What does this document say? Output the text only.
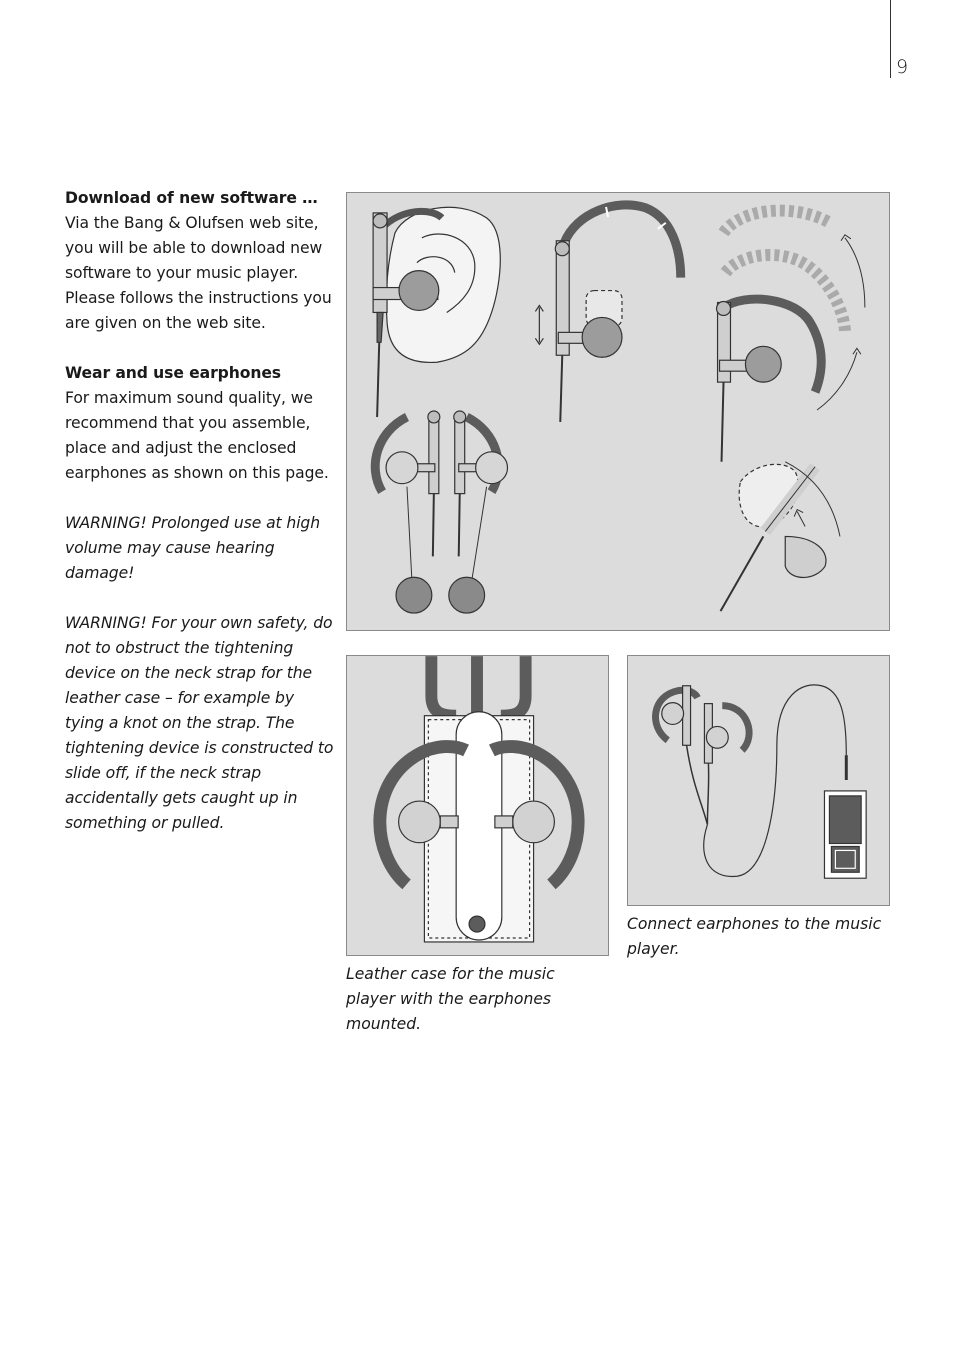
9

Download of new software …
Via the Bang & Olufsen web site, you will be able to download new software to your music player. Please follows the instructions you are given on the web site.

Wear and use earphones
For maximum sound quality, we recommend that you assemble, place and adjust the enclosed earphones as shown on this page.

WARNING! Prolonged use at high volume may cause hearing damage!

WARNING! For your own safety, do not to obstruct the tightening device on the neck strap for the leather case – for example by tying a knot on the strap. The tightening device is constructed to slide off, if the neck strap accidentally gets caught up in something or pulled.

Leather case for the music player with the earphones mounted.
Connect earphones to the music player.
